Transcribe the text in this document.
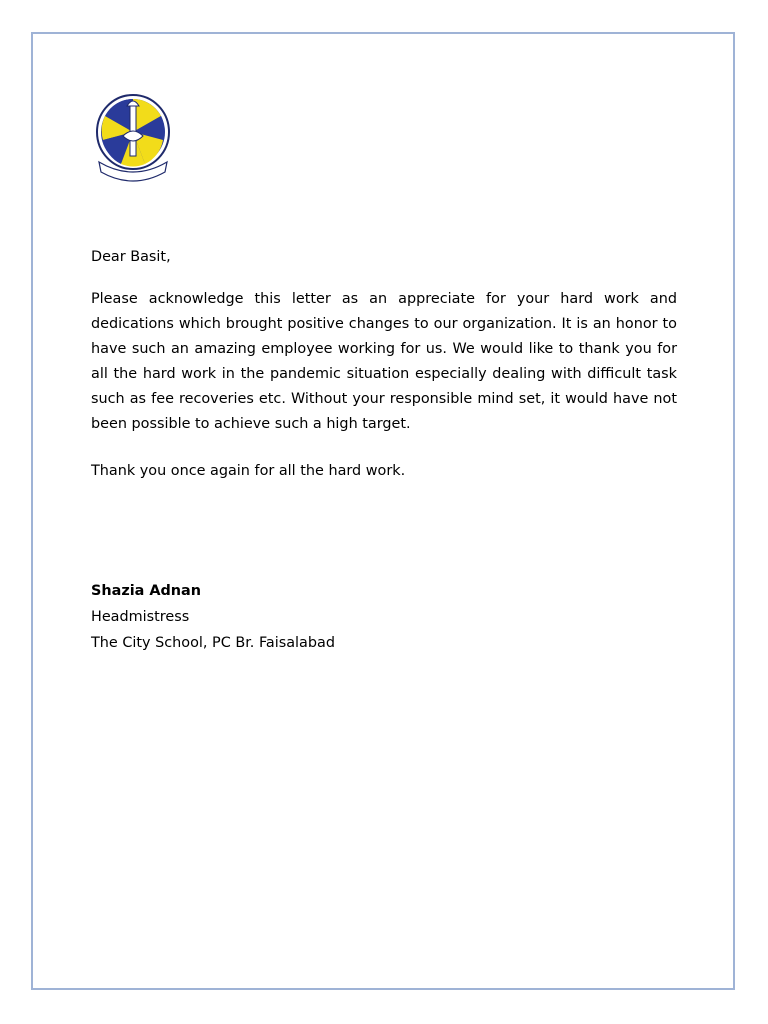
Dear Basit,

Please acknowledge this letter as an appreciate for your hard work and dedications which brought positive changes to our organization. It is an honor to have such an amazing employee working for us. We would like to thank you for all the hard work in the pandemic situation especially dealing with difficult task such as fee recoveries etc. Without your responsible mind set, it would have not been possible to achieve such a high target.

Thank you once again for all the hard work.

Shazia Adnan
Headmistress
The City School, PC Br. Faisalabad
